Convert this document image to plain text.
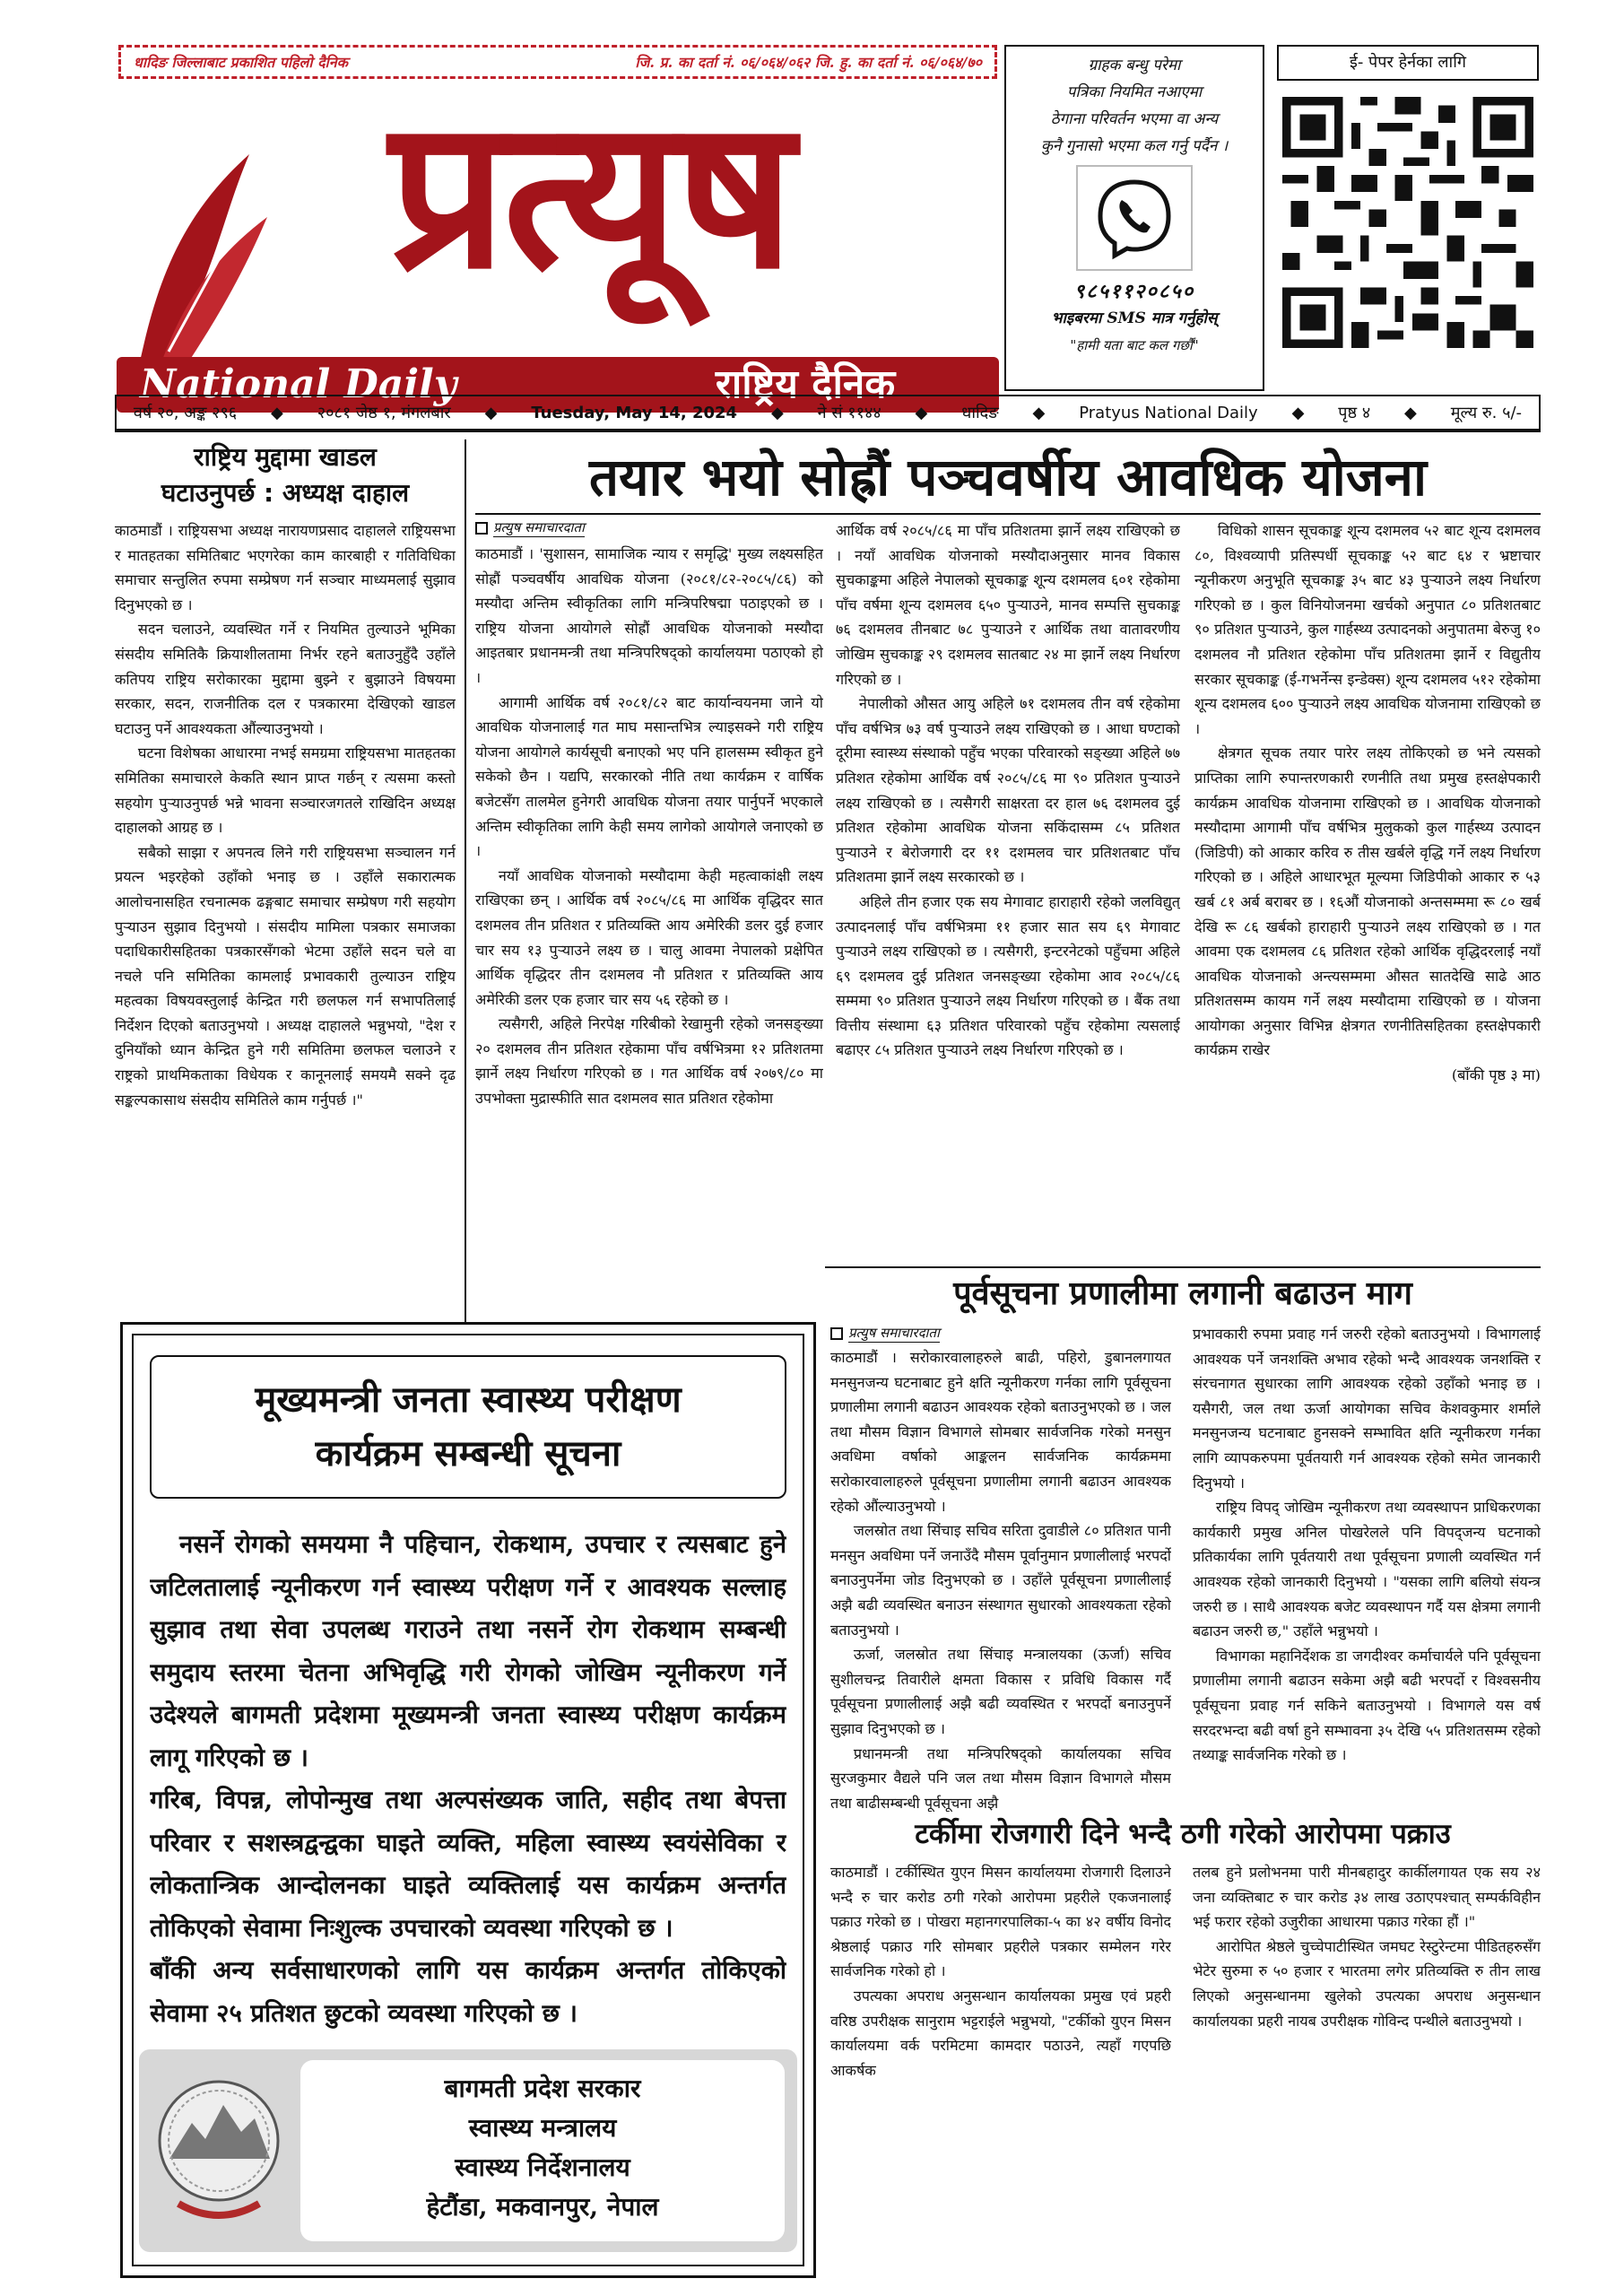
धादिङ जिल्लाबाट प्रकाशित पहिलो दैनिक	जि. प्र. का दर्ता नं. ०६/०६४/०६२ जि. हु. का दर्ता नं. ०६/०६४/७०
प्रत्यूष
National Daily	राष्ट्रिय दैनिक
ग्राहक बन्धु परेमा
पत्रिका नियमित नआएमा
ठेगाना परिवर्तन भएमा वा अन्य
कुनै गुनासो भएमा कल गर्नु पर्दैन ।
९८५११२०८५०
भाइबरमा SMS मात्र गर्नुहोस्
"हामी यता बाट कल गर्छौं"
ई- पेपर हेर्नका लागि
वर्ष २०, अङ्क २९६ ◆ २०८१ जेष्ठ १, मंगलबार ◆ Tuesday, May 14, 2024 ◆ ने सं ११४४ ◆ धादिङ ◆ Pratyus National Daily ◆ पृष्ठ ४ ◆ मूल्य रु. ५/-
राष्ट्रिय मुद्दामा खाडल
घटाउनुपर्छ : अध्यक्ष दाहाल

काठमाडौं । राष्ट्रियसभा अध्यक्ष नारायणप्रसाद दाहालले राष्ट्रियसभा र मातहतका समितिबाट भएगरेका काम कारबाही र गतिविधिका समाचार सन्तुलित रुपमा सम्प्रेषण गर्न सञ्चार माध्यमलाई सुझाव दिनुभएको छ ।

सदन चलाउने, व्यवस्थित गर्ने र नियमित तुल्याउने भूमिका संसदीय समितिकै क्रियाशीलतामा निर्भर रहने बताउनुहुँदै उहाँले कतिपय राष्ट्रिय सरोकारका मुद्दामा बुझ्ने र बुझाउने विषयमा सरकार, सदन, राजनीतिक दल र पत्रकारमा देखिएको खाडल घटाउनु पर्ने आवश्यकता औंल्याउनुभयो ।

घटना विशेषका आधारमा नभई समग्रमा राष्ट्रियसभा मातहतका समितिका समाचारले केकति स्थान प्राप्त गर्छन् र त्यसमा कस्तो सहयोग पुऱ्याउनुपर्छ भन्ने भावना सञ्चारजगतले राखिदिन अध्यक्ष दाहालको आग्रह छ ।

सबैको साझा र अपनत्व लिने गरी राष्ट्रियसभा सञ्चालन गर्न प्रयत्न भइरहेको उहाँको भनाइ छ । उहाँले सकारात्मक आलोचनासहित रचनात्मक ढङ्गबाट समाचार सम्प्रेषण गरी सहयोग पुऱ्याउन सुझाव दिनुभयो । संसदीय मामिला पत्रकार समाजका पदाधिकारीसहितका पत्रकारसँगको भेटमा उहाँले सदन चले वा नचले पनि समितिका कामलाई प्रभावकारी तुल्याउन राष्ट्रिय महत्वका विषयवस्तुलाई केन्द्रित गरी छलफल गर्न सभापतिलाई निर्देशन दिएको बताउनुभयो । अध्यक्ष दाहालले भन्नुभयो, "देश र दुनियाँको ध्यान केन्द्रित हुने गरी समितिमा छलफल चलाउने र राष्ट्रको प्राथमिकताका विधेयक र कानूनलाई समयमै सक्ने दृढ सङ्कल्पकासाथ संसदीय समितिले काम गर्नुपर्छ ।"

तयार भयो सोह्रौं पञ्चवर्षीय आवधिक योजना
प्रत्युष समाचारदाता

काठमाडौं । 'सुशासन, सामाजिक न्याय र समृद्धि' मुख्य लक्ष्यसहित सोह्रौं पञ्चवर्षीय आवधिक योजना (२०८१/८२-२०८५/८६) को मस्यौदा अन्तिम स्वीकृतिका लागि मन्त्रिपरिषद्मा पठाइएको छ । राष्ट्रिय योजना आयोगले सोह्रौं आवधिक योजनाको मस्यौदा आइतबार प्रधानमन्त्री तथा मन्त्रिपरिषद्को कार्यालयमा पठाएको हो ।

आगामी आर्थिक वर्ष २०८१/८२ बाट कार्यान्वयनमा जाने यो आवधिक योजनालाई गत माघ मसान्तभित्र ल्याइसक्ने गरी राष्ट्रिय योजना आयोगले कार्यसूची बनाएको भए पनि हालसम्म स्वीकृत हुने सकेको छैन । यद्यपि, सरकारको नीति तथा कार्यक्रम र वार्षिक बजेटसँग तालमेल हुनेगरी आवधिक योजना तयार पार्नुपर्ने भएकाले अन्तिम स्वीकृतिका लागि केही समय लागेको आयोगले जनाएको छ ।

नयाँ आवधिक योजनाको मस्यौदामा केही महत्वाकांक्षी लक्ष्य राखिएका छन् । आर्थिक वर्ष २०८५/८६ मा आर्थिक वृद्धिदर सात दशमलव तीन प्रतिशत र प्रतिव्यक्ति आय अमेरिकी डलर दुई हजार चार सय १३ पुऱ्याउने लक्ष्य छ । चालु आवमा नेपालको प्रक्षेपित आर्थिक वृद्धिदर तीन दशमलव नौ प्रतिशत र प्रतिव्यक्ति आय अमेरिकी डलर एक हजार चार सय ५६ रहेको छ ।

त्यसैगरी, अहिले निरपेक्ष गरिबीको रेखामुनी रहेको जनसङ्ख्या २० दशमलव तीन प्रतिशत रहेकामा पाँच वर्षभित्रमा १२ प्रतिशतमा झार्ने लक्ष्य निर्धारण गरिएको छ । गत आर्थिक वर्ष २०७९/८० मा उपभोक्ता मुद्रास्फीति सात दशमलव सात प्रतिशत रहेकोमा

आर्थिक वर्ष २०८५/८६ मा पाँच प्रतिशतमा झार्ने लक्ष्य राखिएको छ । नयाँ आवधिक योजनाको मस्यौदाअनुसार मानव विकास सुचकाङ्कमा अहिले नेपालको सूचकाङ्क शून्य दशमलव ६०१ रहेकोमा पाँच वर्षमा शून्य दशमलव ६५० पुऱ्याउने, मानव सम्पत्ति सुचकाङ्क ७६ दशमलव तीनबाट ७८ पुऱ्याउने र आर्थिक तथा वातावरणीय जोखिम सुचकाङ्क २९ दशमलव सातबाट २४ मा झार्ने लक्ष्य निर्धारण गरिएको छ ।

नेपालीको औसत आयु अहिले ७१ दशमलव तीन वर्ष रहेकोमा पाँच वर्षभित्र ७३ वर्ष पुऱ्याउने लक्ष्य राखिएको छ । आधा घण्टाको दूरीमा स्वास्थ्य संस्थाको पहुँच भएका परिवारको सङ्ख्या अहिले ७७ प्रतिशत रहेकोमा आर्थिक वर्ष २०८५/८६ मा ९० प्रतिशत पुऱ्याउने लक्ष्य राखिएको छ । त्यसैगरी साक्षरता दर हाल ७६ दशमलव दुई प्रतिशत रहेकोमा आवधिक योजना सकिंदासम्म ८५ प्रतिशत पुऱ्याउने र बेरोजगारी दर ११ दशमलव चार प्रतिशतबाट पाँच प्रतिशतमा झार्ने लक्ष्य सरकारको छ ।

अहिले तीन हजार एक सय मेगावाट हाराहारी रहेको जलविद्युत् उत्पादनलाई पाँच वर्षभित्रमा ११ हजार सात सय ६९ मेगावाट पुऱ्याउने लक्ष्य राखिएको छ । त्यसैगरी, इन्टरनेटको पहुँचमा अहिले ६९ दशमलव दुई प्रतिशत जनसङ्ख्या रहेकोमा आव २०८५/८६ सम्ममा ९० प्रतिशत पुऱ्याउने लक्ष्य निर्धारण गरिएको छ । बैंक तथा वित्तीय संस्थामा ६३ प्रतिशत परिवारको पहुँच रहेकोमा त्यसलाई बढाएर ८५ प्रतिशत पुऱ्याउने लक्ष्य निर्धारण गरिएको छ ।

विधिको शासन सूचकाङ्क शून्य दशमलव ५२ बाट शून्य दशमलव ८०, विश्वव्यापी प्रतिस्पर्धी सूचकाङ्क ५२ बाट ६४ र भ्रष्टाचार न्यूनीकरण अनुभूति सूचकाङ्क ३५ बाट ४३ पुऱ्याउने लक्ष्य निर्धारण गरिएको छ । कुल विनियोजनमा खर्चको अनुपात ८० प्रतिशतबाट ९० प्रतिशत पुऱ्याउने, कुल गार्हस्थ्य उत्पादनको अनुपातमा बेरुजु १० दशमलव नौ प्रतिशत रहेकोमा पाँच प्रतिशतमा झार्ने र विद्युतीय सरकार सूचकाङ्क (ई-गभर्नेन्स इन्डेक्स) शून्य दशमलव ५१२ रहेकोमा शून्य दशमलव ६०० पुऱ्याउने लक्ष्य आवधिक योजनामा राखिएको छ ।

क्षेत्रगत सूचक तयार पारेर लक्ष्य तोकिएको छ भने त्यसको प्राप्तिका लागि रुपान्तरणकारी रणनीति तथा प्रमुख हस्तक्षेपकारी कार्यक्रम आवधिक योजनामा राखिएको छ । आवधिक योजनाको मस्यौदामा आगामी पाँच वर्षभित्र मुलुकको कुल गार्हस्थ्य उत्पादन (जिडिपी) को आकार करिव रु तीस खर्बले वृद्धि गर्ने लक्ष्य निर्धारण गरिएको छ । अहिले आधारभूत मूल्यमा जिडिपीको आकार रु ५३ खर्ब ८१ अर्ब बराबर छ । १६औं योजनाको अन्तसम्ममा रू ८० खर्ब देखि रू ८६ खर्बको हाराहारी पुऱ्याउने लक्ष्य राखिएको छ । गत आवमा एक दशमलव ८६ प्रतिशत रहेको आर्थिक वृद्धिदरलाई नयाँ आवधिक योजनाको अन्त्यसम्ममा औसत सातदेखि साढे आठ प्रतिशतसम्म कायम गर्ने लक्ष्य मस्यौदामा राखिएको छ । योजना आयोगका अनुसार विभिन्न क्षेत्रगत रणनीतिसहितका हस्तक्षेपकारी कार्यक्रम राखेर

(बाँकी पृष्ठ ३ मा)

पूर्वसूचना प्रणालीमा लगानी बढाउन माग
प्रत्युष समाचारदाता

काठमाडौं । सरोकारवालाहरुले बाढी, पहिरो, डुबानलगायत मनसुनजन्य घटनाबाट हुने क्षति न्यूनीकरण गर्नका लागि पूर्वसूचना प्रणालीमा लगानी बढाउन आवश्यक रहेको बताउनुभएको छ । जल तथा मौसम विज्ञान विभागले सोमबार सार्वजनिक गरेको मनसुन अवधिमा वर्षाको आङ्कलन सार्वजनिक कार्यक्रममा सरोकारवालाहरुले पूर्वसूचना प्रणालीमा लगानी बढाउन आवश्यक रहेको औंल्याउनुभयो ।

जलस्रोत तथा सिंचाइ सचिव सरिता दुवाडीले ८० प्रतिशत पानी मनसुन अवधिमा पर्ने जनाउँदै मौसम पूर्वानुमान प्रणालीलाई भरपर्दो बनाउनुपर्नेमा जोड दिनुभएको छ । उहाँले पूर्वसूचना प्रणालीलाई अझै बढी व्यवस्थित बनाउन संस्थागत सुधारको आवश्यकता रहेको बताउनुभयो ।

ऊर्जा, जलस्रोत तथा सिंचाइ मन्त्रालयका (ऊर्जा) सचिव सुशीलचन्द्र तिवारीले क्षमता विकास र प्रविधि विकास गर्दै पूर्वसूचना प्रणालीलाई अझै बढी व्यवस्थित र भरपर्दो बनाउनुपर्ने सुझाव दिनुभएको छ ।

प्रधानमन्त्री तथा मन्त्रिपरिषद्को कार्यालयका सचिव सुरजकुमार वैद्यले पनि जल तथा मौसम विज्ञान विभागले मौसम तथा बाढीसम्बन्धी पूर्वसूचना अझै

प्रभावकारी रुपमा प्रवाह गर्न जरुरी रहेको बताउनुभयो । विभागलाई आवश्यक पर्ने जनशक्ति अभाव रहेको भन्दै आवश्यक जनशक्ति र संरचनागत सुधारका लागि आवश्यक रहेको उहाँको भनाइ छ । यसैगरी, जल तथा ऊर्जा आयोगका सचिव केशवकुमार शर्माले मनसुनजन्य घटनाबाट हुनसक्ने सम्भावित क्षति न्यूनीकरण गर्नका लागि व्यापकरुपमा पूर्वतयारी गर्न आवश्यक रहेको समेत जानकारी दिनुभयो ।

राष्ट्रिय विपद् जोखिम न्यूनीकरण तथा व्यवस्थापन प्राधिकरणका कार्यकारी प्रमुख अनिल पोखरेलले पनि विपद्जन्य घटनाको प्रतिकार्यका लागि पूर्वतयारी तथा पूर्वसूचना प्रणाली व्यवस्थित गर्न आवश्यक रहेको जानकारी दिनुभयो । "यसका लागि बलियो संयन्त्र जरुरी छ । साथै आवश्यक बजेट व्यवस्थापन गर्दै यस क्षेत्रमा लगानी बढाउन जरुरी छ," उहाँले भन्नुभयो ।

विभागका महानिर्देशक डा जगदीश्वर कर्माचार्यले पनि पूर्वसूचना प्रणालीमा लगानी बढाउन सकेमा अझै बढी भरपर्दो र विश्वसनीय पूर्वसूचना प्रवाह गर्न सकिने बताउनुभयो । विभागले यस वर्ष सरदरभन्दा बढी वर्षा हुने सम्भावना ३५ देखि ५५ प्रतिशतसम्म रहेको तथ्याङ्क सार्वजनिक गरेको छ ।

टर्कीमा रोजगारी दिने भन्दै ठगी गरेको आरोपमा पक्राउ

काठमाडौं । टर्कीस्थित युएन मिसन कार्यालयमा रोजगारी दिलाउने भन्दै रु चार करोड ठगी गरेको आरोपमा प्रहरीले एकजनालाई पक्राउ गरेको छ । पोखरा महानगरपालिका-५ का ४२ वर्षीय विनोद श्रेष्ठलाई पक्राउ गरि सोमबार प्रहरीले पत्रकार सम्मेलन गरेर सार्वजनिक गरेको हो ।

उपत्यका अपराध अनुसन्धान कार्यालयका प्रमुख एवं प्रहरी वरिष्ठ उपरीक्षक सानुराम भट्टराईले भन्नुभयो, "टर्कीको युएन मिसन कार्यालयमा वर्क परमिटमा कामदार पठाउने, त्यहाँ गएपछि आकर्षक

तलब हुने प्रलोभनमा पारी मीनबहादुर कार्कीलगायत एक सय २४ जना व्यक्तिबाट रु चार करोड ३४ लाख उठाएपश्चात् सम्पर्कविहीन भई फरार रहेको उजुरीका आधारमा पक्राउ गरेका हौं ।"

आरोपित श्रेष्ठले चुच्चेपाटीस्थित जमघट रेस्टुरेन्टमा पीडितहरुसँग भेटेर सुरुमा रु ५० हजार र भारतमा लगेर प्रतिव्यक्ति रु तीन लाख लिएको अनुसन्धानमा खुलेको उपत्यका अपराध अनुसन्धान कार्यालयका प्रहरी नायब उपरीक्षक गोविन्द पन्थीले बताउनुभयो ।

मूख्यमन्त्री जनता स्वास्थ्य परीक्षण
कार्यक्रम सम्बन्धी सूचना

नसर्ने रोगको समयमा नै पहिचान, रोकथाम, उपचार र त्यसबाट हुने जटिलतालाई न्यूनीकरण गर्न स्वास्थ्य परीक्षण गर्ने र आवश्यक सल्लाह सुझाव तथा सेवा उपलब्ध गराउने तथा नसर्ने रोग रोकथाम सम्बन्धी समुदाय स्तरमा चेतना अभिवृद्धि गरी रोगको जोखिम न्यूनीकरण गर्ने उदेश्यले बागमती प्रदेशमा मूख्यमन्त्री जनता स्वास्थ्य परीक्षण कार्यक्रम लागू गरिएको छ ।

गरिब, विपन्न, लोपोन्मुख तथा अल्पसंख्यक जाति, सहीद तथा बेपत्ता परिवार र सशस्त्रद्वन्द्वका घाइते व्यक्ति, महिला स्वास्थ्य स्वयंसेविका र लोकतान्त्रिक आन्दोलनका घाइते व्यक्तिलाई यस कार्यक्रम अन्तर्गत तोकिएको सेवामा निःशुल्क उपचारको व्यवस्था गरिएको छ ।

बाँकी अन्य सर्वसाधारणको लागि यस कार्यक्रम अन्तर्गत तोकिएको सेवामा २५ प्रतिशत छुटको व्यवस्था गरिएको छ ।

बागमती प्रदेश सरकार
स्वास्थ्य मन्त्रालय
स्वास्थ्य निर्देशनालय
हेटौंडा, मकवानपुर, नेपाल
